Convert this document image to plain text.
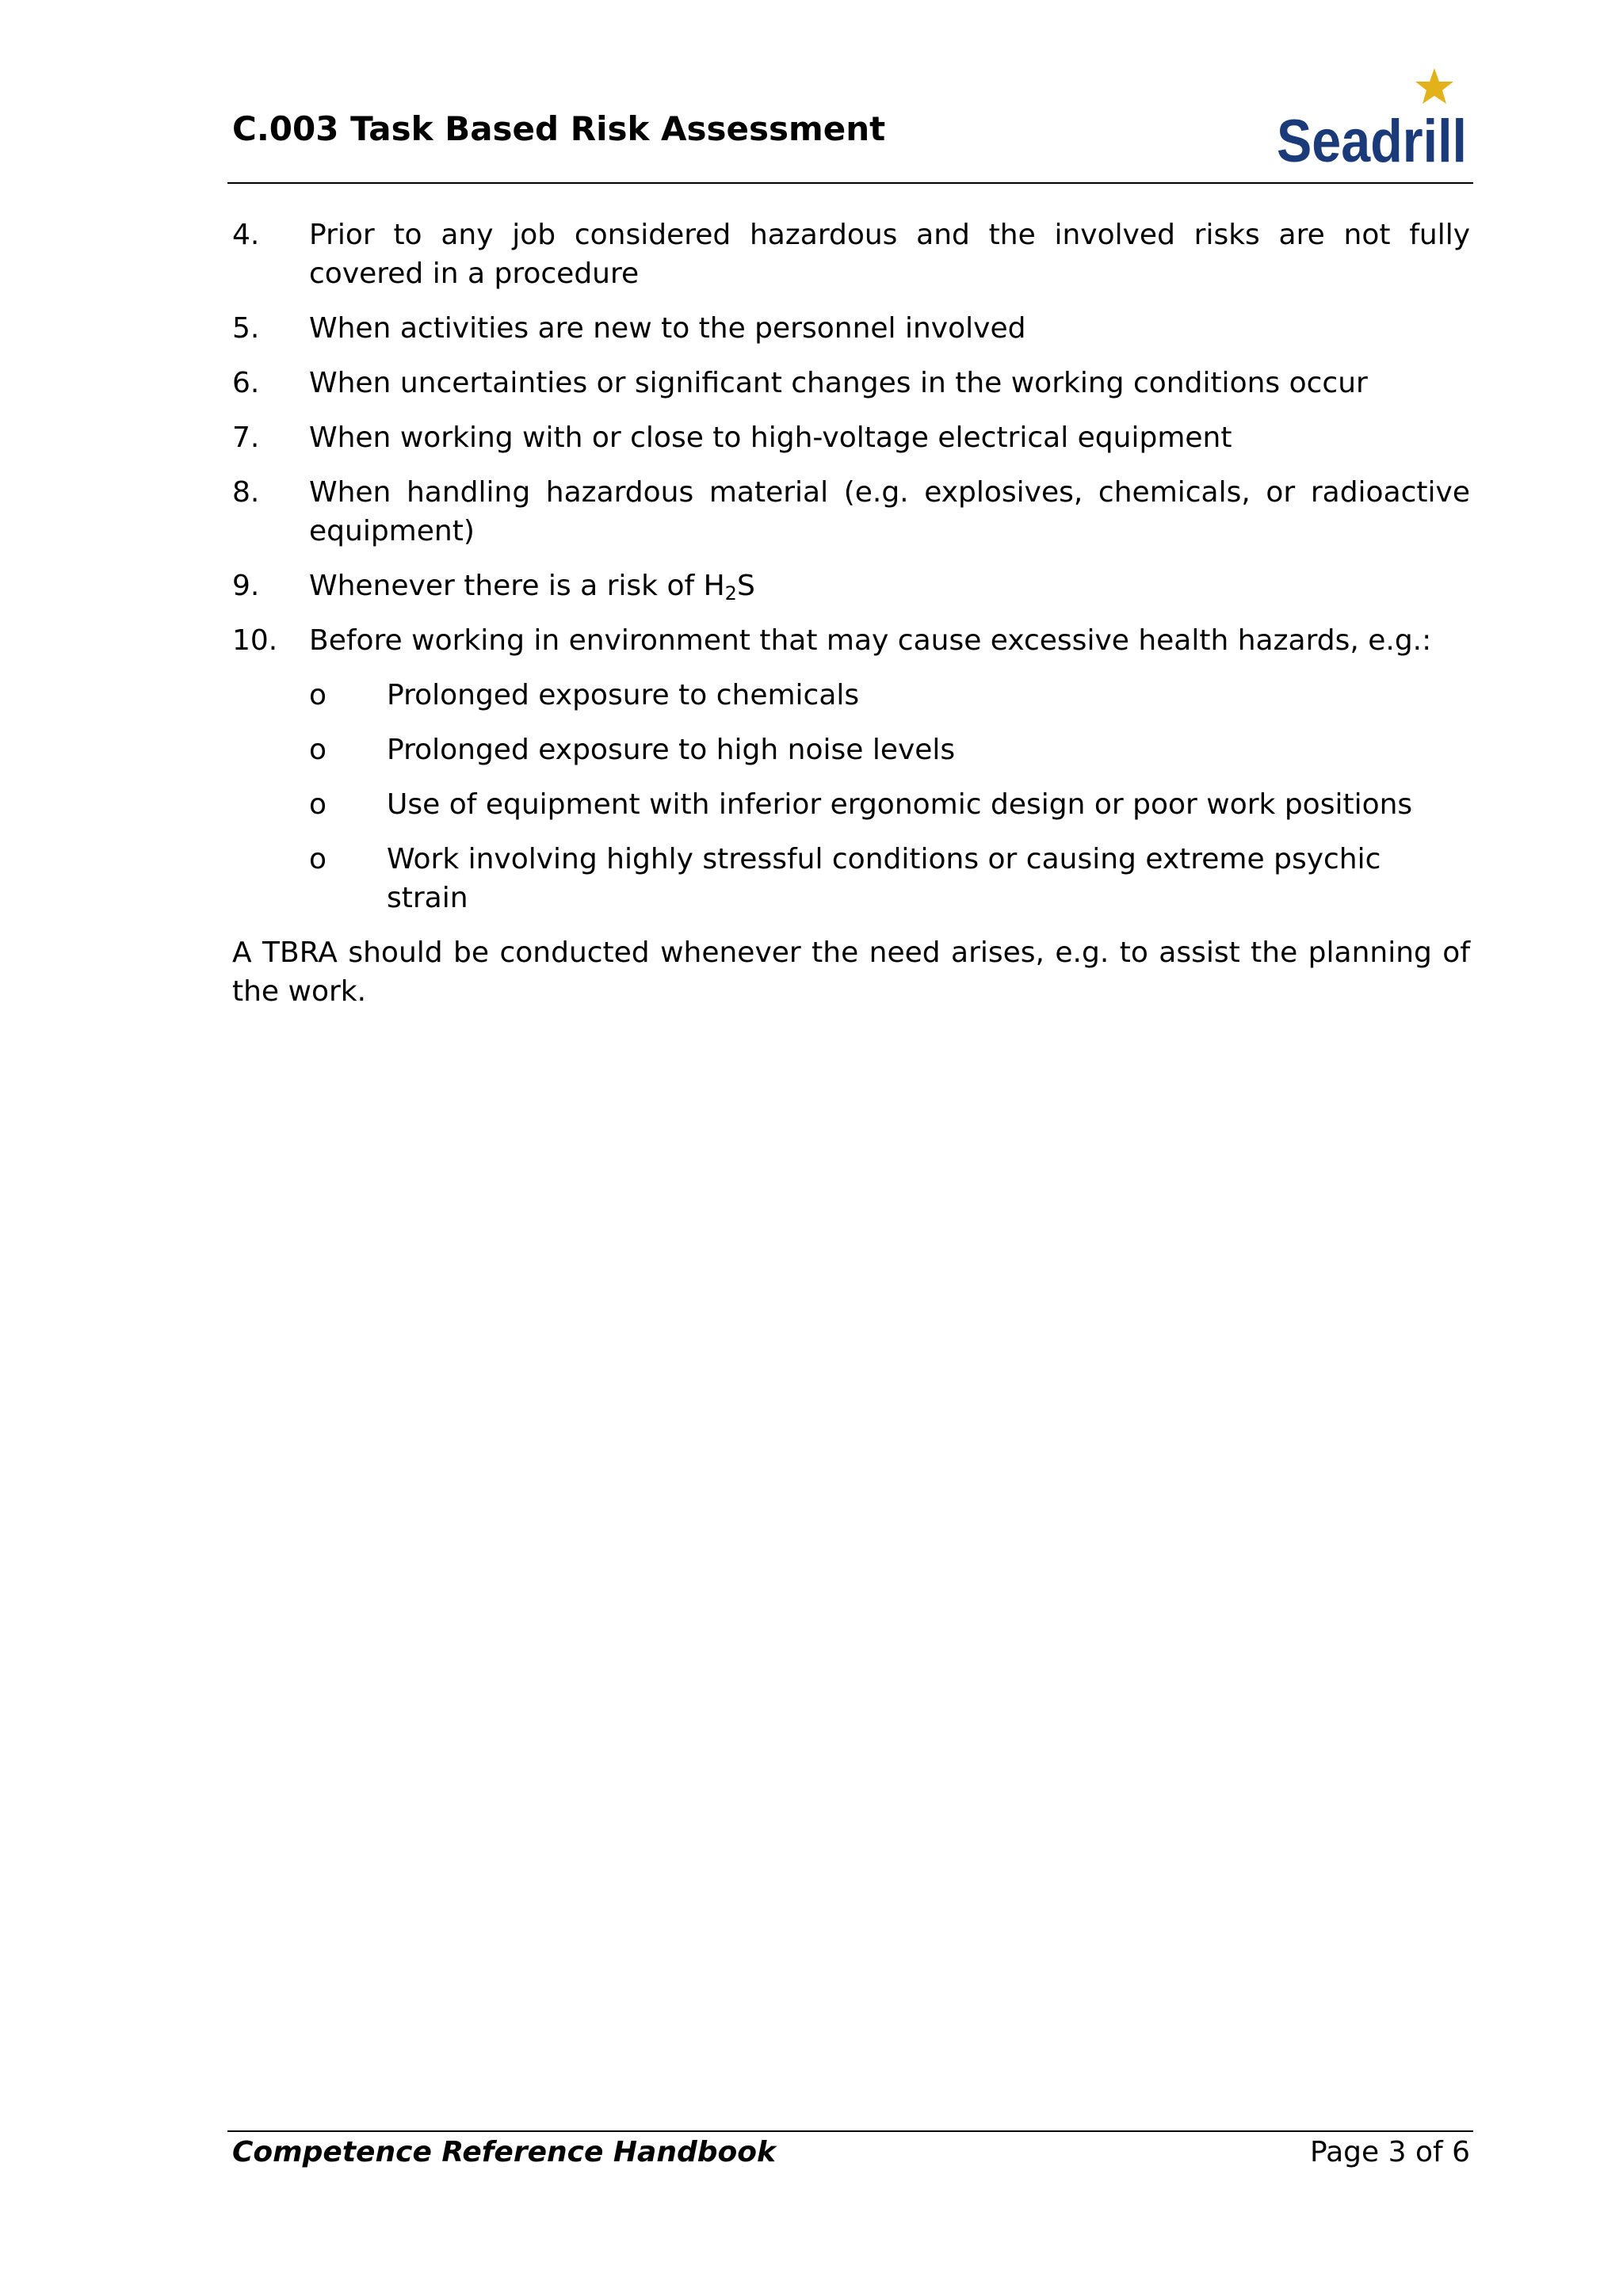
C.003 Task Based Risk Assessment	Seadrill
4. Prior to any job considered hazardous and the involved risks are not fully covered in a procedure
5. When activities are new to the personnel involved
6. When uncertainties or significant changes in the working conditions occur
7. When working with or close to high-voltage electrical equipment
8. When handling hazardous material (e.g. explosives, chemicals, or radioactive equipment)
9. Whenever there is a risk of $H_2S$
10. Before working in environment that may cause excessive health hazards, e.g.:
o Prolonged exposure to chemicals
o Prolonged exposure to high noise levels
o Use of equipment with inferior ergonomic design or poor work positions
o Work involving highly stressful conditions or causing extreme psychic strain
A TBRA should be conducted whenever the need arises, e.g. to assist the planning of the work.
Competence Reference Handbook	Page 3 of 6
